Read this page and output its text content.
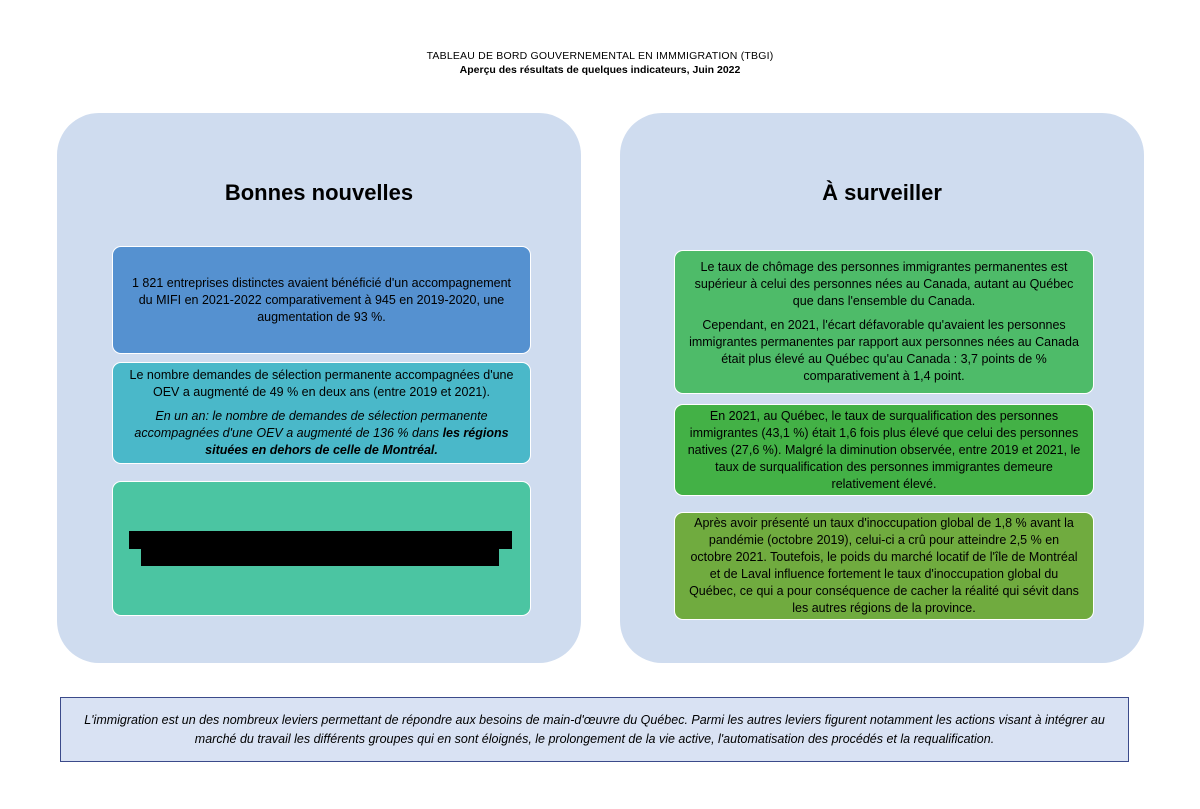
TABLEAU DE BORD GOUVERNEMENTAL EN IMMMIGRATION (TBGI)
Aperçu des résultats de quelques indicateurs, Juin 2022
Bonnes nouvelles	À surveiller

1 821 entreprises distinctes avaient bénéficié d'un accompagnement du MIFI en 2021-2022 comparativement à 945 en 2019-2020, une augmentation de 93 %.

Le nombre demandes de sélection permanente accompagnées d'une OEV a augmenté de 49 % en deux ans (entre 2019 et 2021).

En un an: le nombre de demandes de sélection permanente accompagnées d'une OEV a augmenté de 136 % dans les régions situées en dehors de celle de Montréal.

Le taux de chômage des personnes immigrantes permanentes est supérieur à celui des personnes nées au Canada, autant au Québec que dans l'ensemble du Canada.

Cependant, en 2021, l'écart défavorable qu'avaient les personnes immigrantes permanentes par rapport aux personnes nées au Canada était plus élevé au Québec qu'au Canada : 3,7 points de % comparativement à 1,4 point.

En 2021, au Québec, le taux de surqualification des personnes immigrantes (43,1 %) était 1,6 fois plus élevé que celui des personnes natives (27,6 %). Malgré la diminution observée, entre 2019 et 2021, le taux de surqualification des personnes immigrantes demeure relativement élevé.

Après avoir présenté un taux d'inoccupation global de 1,8 % avant la pandémie (octobre 2019), celui-ci a crû pour atteindre 2,5 % en octobre 2021. Toutefois, le poids du marché locatif de l'île de Montréal et de Laval influence fortement le taux d'inoccupation global du Québec, ce qui a pour conséquence de cacher la réalité qui sévit dans les autres régions de la province.

L'immigration est un des nombreux leviers permettant de répondre aux besoins de main-d'œuvre du Québec. Parmi les autres leviers figurent notamment les actions visant à intégrer au marché du travail les différents groupes qui en sont éloignés, le prolongement de la vie active, l'automatisation des procédés et la requalification.
